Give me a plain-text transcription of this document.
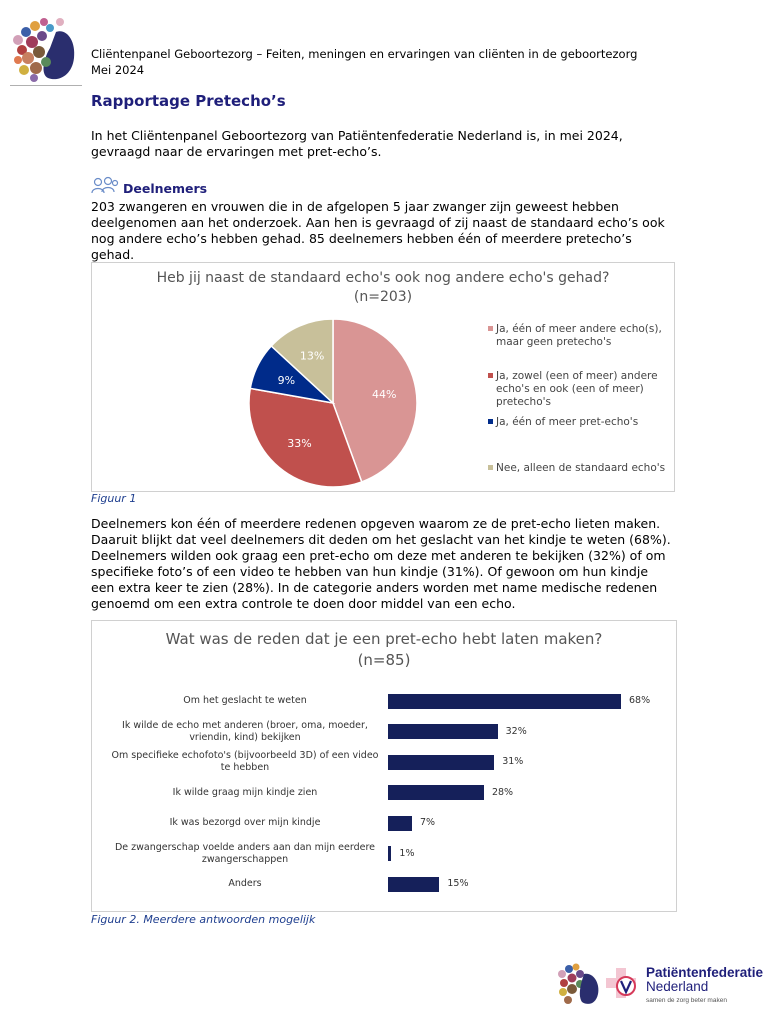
Cliëntenpanel Geboortezorg – Feiten, meningen en ervaringen van cliënten in de geboortezorg
Mei 2024
Rapportage Pretecho’s
In het Cliëntenpanel Geboortezorg van Patiëntenfederatie Nederland is, in mei 2024, gevraagd naar de ervaringen met pret-echo’s.
Deelnemers
203 zwangeren en vrouwen die in de afgelopen 5 jaar zwanger zijn geweest hebben deelgenomen aan het onderzoek. Aan hen is gevraagd of zij naast de standaard echo’s ook nog andere echo’s hebben gehad. 85 deelnemers hebben één of meerdere pretecho’s gehad.
Heb jij naast de standaard echo's ook nog andere echo's gehad?
(n=203)
44%
33%
9%
13%
Ja, één of meer andere echo(s), maar geen pretecho's
Ja, zowel (een of meer) andere echo's en ook (een of meer) pretecho's
Ja, één of meer pret-echo's
Nee, alleen de standaard echo's
Figuur 1
Deelnemers kon één of meerdere redenen opgeven waarom ze de pret-echo lieten maken. Daaruit blijkt dat veel deelnemers dit deden om het geslacht van het kindje te weten (68%). Deelnemers wilden ook graag een pret-echo om deze met anderen te bekijken (32%) of om specifieke foto’s of een video te hebben van hun kindje (31%). Of gewoon om hun kindje een extra keer te zien (28%). In de categorie anders worden met name medische redenen genoemd om een extra controle te doen door middel van een echo.
Wat was de reden dat je een pret-echo hebt laten maken?
(n=85)
68%
Om het geslacht te weten
32%
Ik wilde de echo met anderen (broer, oma, moeder, vriendin, kind) bekijken
31%
Om specifieke echofoto's (bijvoorbeeld 3D) of een video te hebben
28%
Ik wilde graag mijn kindje zien
7%
Ik was bezorgd over mijn kindje
1%
De zwangerschap voelde anders aan dan mijn eerdere zwangerschappen
15%
Anders
Figuur 2. Meerdere antwoorden mogelijk
Patiëntenfederatie
Nederland
samen de zorg beter maken
